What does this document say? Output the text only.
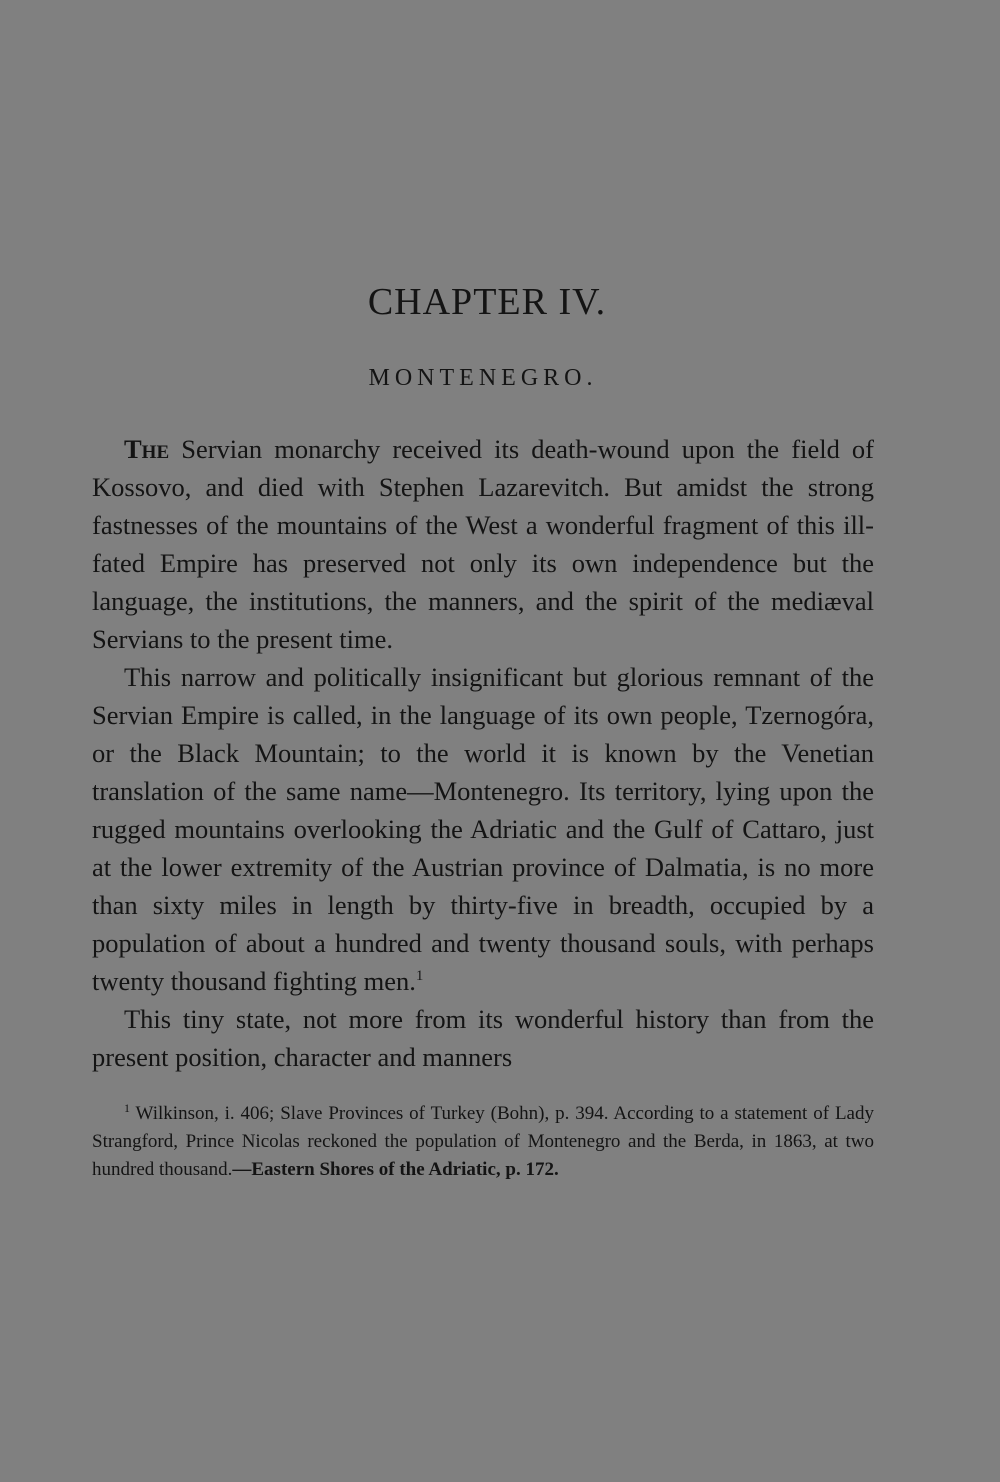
CHAPTER IV.
MONTENEGRO.

The Servian monarchy received its death-wound upon the field of Kossovo, and died with Stephen Lazarevitch. But amidst the strong fastnesses of the mountains of the West a wonderful fragment of this ill-fated Empire has preserved not only its own independence but the language, the institutions, the manners, and the spirit of the mediæval Servians to the present time.

This narrow and politically insignificant but glorious remnant of the Servian Empire is called, in the language of its own people, Tzernogóra, or the Black Mountain; to the world it is known by the Venetian translation of the same name—Montenegro. Its territory, lying upon the rugged mountains overlooking the Adriatic and the Gulf of Cattaro, just at the lower extremity of the Austrian province of Dalmatia, is no more than sixty miles in length by thirty-five in breadth, occupied by a population of about a hundred and twenty thousand souls, with perhaps twenty thousand fighting men.$^1$

This tiny state, not more from its wonderful history than from the present position, character and manners

$^1$ Wilkinson, i. 406; Slave Provinces of Turkey (Bohn), p. 394. According to a statement of Lady Strangford, Prince Nicolas reckoned the population of Montenegro and the Berda, in 1863, at two hundred thousand.—Eastern Shores of the Adriatic, p. 172.
